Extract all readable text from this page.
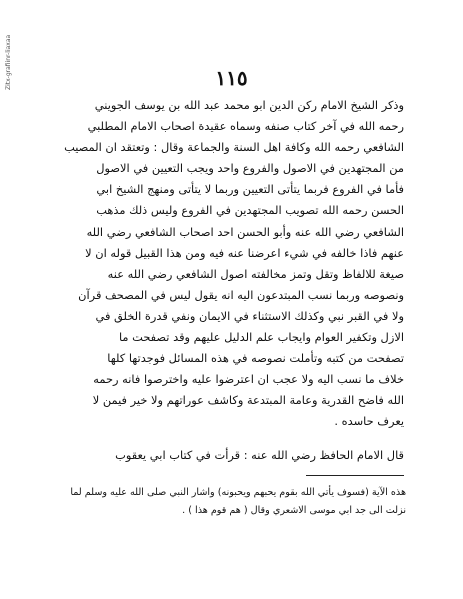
Zitx-grafiinr-liaxaa	١١٥
وذكر الشيخ الامام ركن الدين ابو محمد عبد الله بن يوسف الجويني
رحمه الله في آخر كتاب صنفه وسماه عقيدة اصحاب الامام المطلبي
الشافعي رحمه الله وكافة اهل السنة والجماعة وقال : وتعتقد ان المصيب
من المجتهدين في الاصول والفروع واحد ويجب التعيين في الاصول
فأما في الفروع فربما يتأتى التعيين وربما لا يتأتى ومنهج الشيخ ابي
الحسن رحمه الله تصويب المجتهدين في الفروع وليس ذلك مذهب
الشافعي رضي الله عنه وأبو الحسن احد اصحاب الشافعي رضي الله
عنهم فاذا خالفه في شيء اعرضنا عنه فيه ومن هذا القبيل قوله ان لا
صيغة للالفاظ وتقل وتمز مخالفته اصول الشافعي رضي الله عنه
ونصوصه وربما نسب المبتدعون اليه انه يقول ليس في المصحف قرآن
ولا في القبر نبي وكذلك الاستثناء في الايمان ونفي قدرة الخلق في
الازل وتكفير العوام وايجاب علم الدليل عليهم وقد تصفحت ما
تصفحت من كتبه وتأملت نصوصه في هذه المسائل فوجدتها كلها
خلاف ما نسب اليه ولا عجب ان اعترضوا عليه واخترصوا فانه رحمه
الله فاضح القدرية وعامة المبتدعة وكاشف عوراتهم ولا خير فيمن لا
يعرف حاسده .
قال الامام الحافظ رضي الله عنه : قرأت في كتاب ابي يعقوب
هذه الآية (فسوف يأتي الله بقوم يحبهم ويحبونه) واشار النبي صلى الله عليه وسلم لما
نزلت الى جد ابي موسى الاشعري وقال ( هم قوم هذا ) .
